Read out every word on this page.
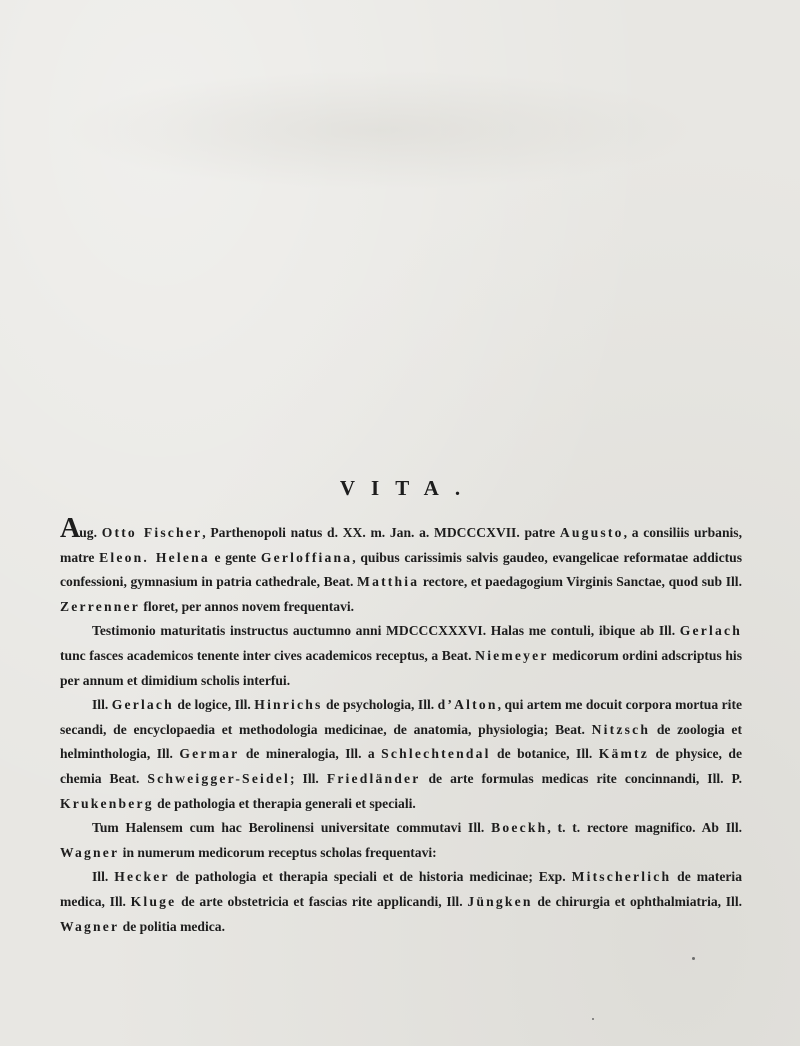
VITA.

Aug. Otto Fischer, Parthenopoli natus d. XX. m. Jan. a. MDCCCXVII. patre Augusto, a consiliis urbanis, matre Eleon. Helena e gente Gerloffiana, quibus carissimis salvis gaudeo, evangelicae reformatae addictus confessioni, gymnasium in patria cathedrale, Beat. Matthia rectore, et paedagogium Virginis Sanctae, quod sub Ill. Zerrenner floret, per annos novem frequentavi.

Testimonio maturitatis instructus auctumno anni MDCCCXXXVI. Halas me contuli, ibique ab Ill. Gerlach tunc fasces academicos tenente inter cives academicos receptus, a Beat. Niemeyer medicorum ordini adscriptus his per annum et dimidium scholis interfui.

Ill. Gerlach de logice, Ill. Hinrichs de psychologia, Ill. d’Alton, qui artem me docuit corpora mortua rite secandi, de encyclopaedia et methodologia medicinae, de anatomia, physiologia; Beat. Nitzsch de zoologia et helminthologia, Ill. Germar de mineralogia, Ill. a Schlechtendal de botanice, Ill. Kämtz de physice, de chemia Beat. Schweigger-Seidel; Ill. Friedländer de arte formulas medicas rite concinnandi, Ill. P. Krukenberg de pathologia et therapia generali et speciali.

Tum Halensem cum hac Berolinensi universitate commutavi Ill. Boeckh, t. t. rectore magnifico. Ab Ill. Wagner in numerum medicorum receptus scholas frequentavi:

Ill. Hecker de pathologia et therapia speciali et de historia medicinae; Exp. Mitscherlich de materia medica, Ill. Kluge de arte obstetricia et fascias rite applicandi, Ill. Jüngken de chirurgia et ophthalmiatria, Ill. Wagner de politia medica.
